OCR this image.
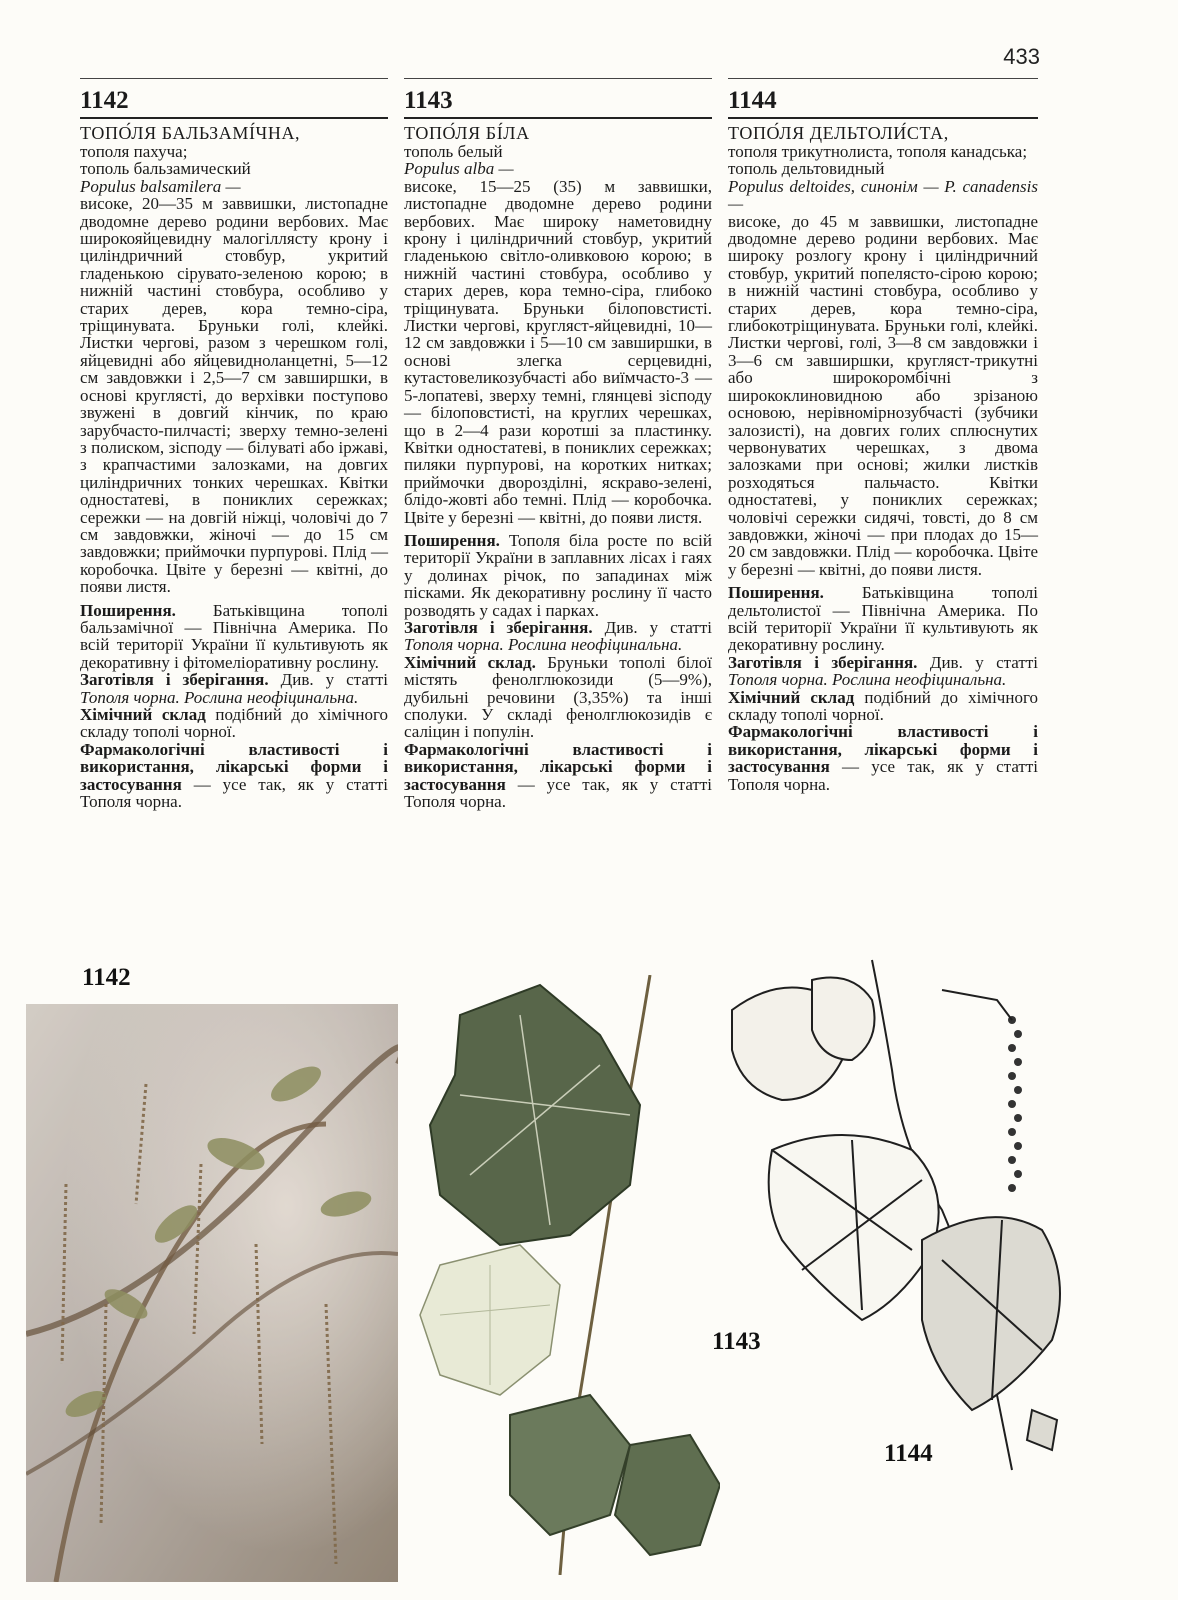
433
1142
ТОПО́ЛЯ БАЛЬЗАМІ́ЧНА,
тополя пахуча;
тополь бальзамический
Populus balsamilera —

високе, 20—35 м заввишки, листопадне дводомне дерево родини вербових. Має широкояйцевидну малогіллясту крону і циліндричний стовбур, укритий гладенькою сірувато-зеленою корою; в нижній частині стовбура, особливо у старих дерев, кора темно-сіра, тріщинувата. Бруньки голі, клейкі. Листки чергові, разом з черешком голі, яйцевидні або яйцевидноланцетні, 5—12 см завдовжки і 2,5—7 см завширшки, в основі круглясті, до верхівки поступово звужені в довгий кінчик, по краю зарубчасто-пилчасті; зверху темно-зелені з полиском, зісподу — білуваті або іржаві, з крапчастими залозками, на довгих циліндричних тонких черешках. Квітки одностатеві, в пониклих сережках; сережки — на довгій ніжці, чоловічі до 7 см завдовжки, жіночі — до 15 см завдовжки; приймочки пурпурові. Плід — коробочка. Цвіте у березні — квітні, до появи листя.

Поширення. Батьківщина тополі бальзамічної — Північна Америка. По всій території України її культивують як декоративну і фітомеліоративну рослину.

Заготівля і зберігання. Див. у статті Тополя чорна. Рослина неофіцинальна.

Хімічний склад подібний до хімічного складу тополі чорної.

Фармакологічні властивості і використання, лікарські форми і застосування — усе так, як у статті Тополя чорна.

1143
ТОПО́ЛЯ БІ́ЛА
тополь белый
Populus alba —

високе, 15—25 (35) м заввишки, листопадне дводомне дерево родини вербових. Має широку наметовидну крону і циліндричний стовбур, укритий гладенькою світло-оливковою корою; в нижній частині стовбура, особливо у старих дерев, кора темно-сіра, глибоко тріщинувата. Бруньки білоповстисті. Листки чергові, кругляст-яйцевидні, 10—12 см завдовжки і 5—10 см завширшки, в основі злегка серцевидні, кутастовеликозубчасті або виїмчасто-3 — 5-лопатеві, зверху темні, глянцеві зісподу — білоповстисті, на круглих черешках, що в 2—4 рази коротші за пластинку. Квітки одностатеві, в пониклих сережках; пиляки пурпурові, на коротких нитках; приймочки дворозділні, яскраво-зелені, блідо-жовті або темні. Плід — коробочка. Цвіте у березні — квітні, до появи листя.

Поширення. Тополя біла росте по всій території України в заплавних лісах і гаях у долинах річок, по западинах між пісками. Як декоративну рослину її часто розводять у садах і парках.

Заготівля і зберігання. Див. у статті Тополя чорна. Рослина неофіцинальна.

Хімічний склад. Бруньки тополі білої містять фенолглюкозиди (5—9%), дубильні речовини (3,35%) та інші сполуки. У складі фенолглюкозидів є саліцин і популін.

Фармакологічні властивості і використання, лікарські форми і застосування — усе так, як у статті Тополя чорна.

1144
ТОПО́ЛЯ ДЕЛЬТОЛИ́СТА,
тополя трикутнолиста, тополя канадська;
тополь дельтовидный
Populus deltoides, синонім — P. canadensis —

високе, до 45 м заввишки, листопадне дводомне дерево родини вербових. Має широку розлогу крону і циліндричний стовбур, укритий попелясто-сірою корою; в нижній частині стовбура, особливо у старих дерев, кора темно-сіра, глибокотріщинувата. Бруньки голі, клейкі. Листки чергові, голі, 3—8 см завдовжки і 3—6 см завширшки, кругляст-трикутні або широкоромбічні з ширококлиновидною або зрізаною основою, нерівномірнозубчасті (зубчики залозисті), на довгих голих сплюснутих червонуватих черешках, з двома залозками при основі; жилки листків розходяться пальчасто. Квітки одностатеві, у пониклих сережках; чоловічі сережки сидячі, товсті, до 8 см завдовжки, жіночі — при плодах до 15—20 см завдовжки. Плід — коробочка. Цвіте у березні — квітні, до появи листя.

Поширення. Батьківщина тополі дельтолистої — Північна Америка. По всій території України її культивують як декоративну рослину.

Заготівля і зберігання. Див. у статті Тополя чорна. Рослина неофіцинальна.

Хімічний склад подібний до хімічного складу тополі чорної.

Фармакологічні властивості і використання, лікарські форми і застосування — усе так, як у статті Тополя чорна.

1142
1143
1144
